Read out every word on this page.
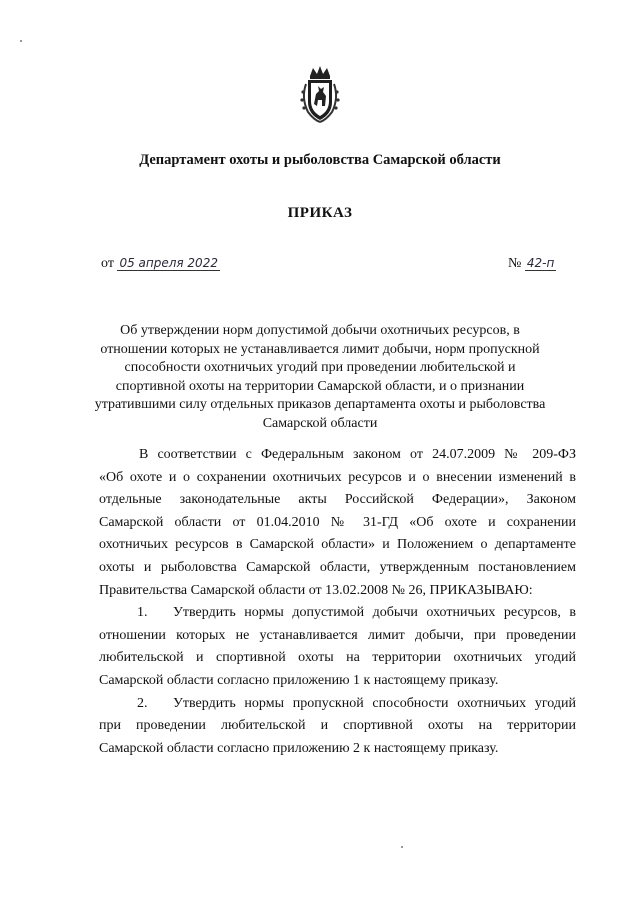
Департамент охоты и рыболовства Самарской области
ПРИКАЗ
от 05 апреля 2022	№ 42-п
Об утверждении норм допустимой добычи охотничьих ресурсов, в
отношении которых не устанавливается лимит добычи, норм пропускной
способности охотничьих угодий при проведении любительской и
спортивной охоты на территории Самарской области, и о признании
утратившими силу отдельных приказов департамента охоты и рыболовства
Самарской области
В соответствии с Федеральным законом от 24.07.2009 № 209-ФЗ
«Об охоте и о сохранении охотничьих ресурсов и о внесении изменений в
отдельные законодательные акты Российской Федерации», Законом
Самарской области от 01.04.2010 № 31-ГД «Об охоте и сохранении
охотничьих ресурсов в Самарской области» и Положением о департаменте
охоты и рыболовства Самарской области, утвержденным постановлением
Правительства Самарской области от 13.02.2008 № 26, ПРИКАЗЫВАЮ:
1. Утвердить нормы допустимой добычи охотничьих ресурсов, в
отношении которых не устанавливается лимит добычи, при проведении
любительской и спортивной охоты на территории охотничьих угодий
Самарской области согласно приложению 1 к настоящему приказу.
2. Утвердить нормы пропускной способности охотничьих угодий
при проведении любительской и спортивной охоты на территории
Самарской области согласно приложению 2 к настоящему приказу.
